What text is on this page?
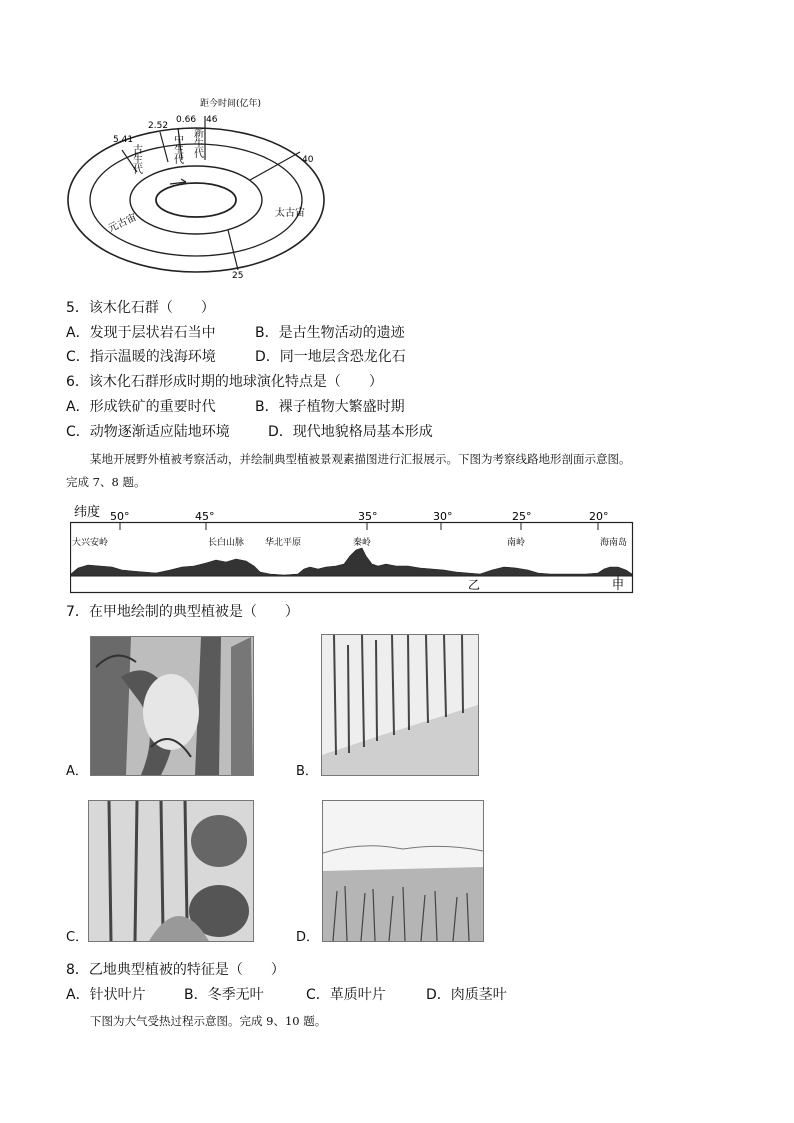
距今时间(亿年)
5.41
2.52
0.66 46
40
25
古生代	中生代 新生代
元古宙	太古宙
5．该木化石群（　　）
A．发现于层状岩石当中	B．是古生物活动的遗迹
C．指示温暖的浅海环境	D．同一地层含恐龙化石
6．该木化石群形成时期的地球演化特点是（　　）
A．形成铁矿的重要时代	B．裸子植物大繁盛时期
C．动物逐渐适应陆地环境	D．现代地貌格局基本形成
某地开展野外植被考察活动，并绘制典型植被景观素描图进行汇报展示。下图为考察线路地形剖面示意图。
完成 7、8 题。
纬度 50°	45°	35°	30°	25°	20°
大兴安岭	长白山脉 华北平原	秦岭	南岭	海南岛
乙	甲
7．在甲地绘制的典型植被是（　　）
A．	B．
C．	D．
8．乙地典型植被的特征是（　　）
A．针状叶片	B．冬季无叶	C．革质叶片	D．肉质茎叶
下图为大气受热过程示意图。完成 9、10 题。
